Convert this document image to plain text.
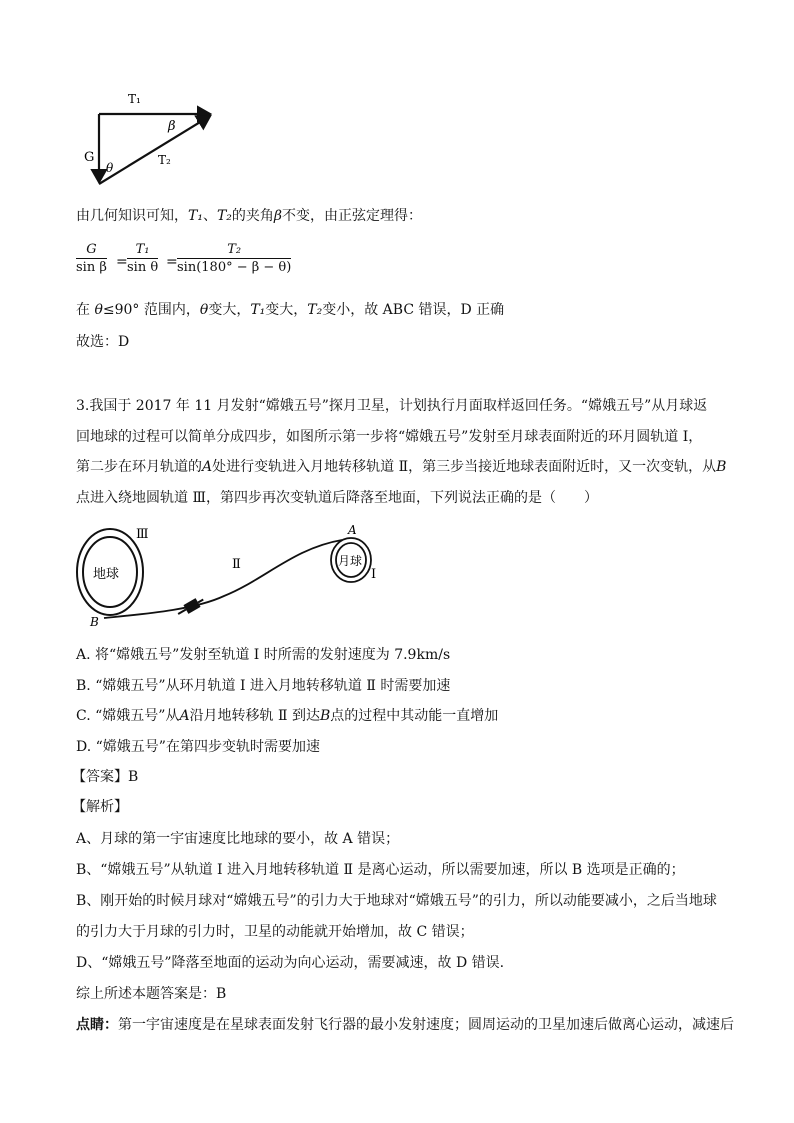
T₁
G	T₂
β
θ
由几何知识可知，T₁、T₂的夹角β不变，由正弦定理得：
$\frac{G}{\text{sin β}} = \frac{\text{T₁}}{\text{sin θ}} = \frac{\text{T₂}}{\sin(180^\circ - \beta - \theta)}$
在 θ≤90° 范围内，θ变大，T₁变大，T₂变小，故 ABC 错误，D 正确
故选：D
3.我国于 2017 年 11 月发射“嫦娥五号”探月卫星，计划执行月面取样返回任务。“嫦娥五号”从月球返
回地球的过程可以简单分成四步，如图所示第一步将“嫦娥五号”发射至月球表面附近的环月圆轨道 Ⅰ，
第二步在环月轨道的A处进行变轨进入月地转移轨道 Ⅱ，第三步当接近地球表面附近时，又一次变轨，从B
点进入绕地圆轨道 Ⅲ，第四步再次变轨道后降落至地面，下列说法正确的是（　　）
地球
Ⅲ
Ⅱ	月球
Ⅰ
A
B
A. 将“嫦娥五号”发射至轨道 Ⅰ 时所需的发射速度为 7.9km/s
B. “嫦娥五号”从环月轨道 Ⅰ 进入月地转移轨道 Ⅱ 时需要加速
C. “嫦娥五号”从A沿月地转移轨 Ⅱ 到达B点的过程中其动能一直增加
D. “嫦娥五号”在第四步变轨时需要加速
【答案】B
【解析】
A、月球的第一宇宙速度比地球的要小，故 A 错误；
B、“嫦娥五号”从轨道 Ⅰ 进入月地转移轨道 Ⅱ 是离心运动，所以需要加速，所以 B 选项是正确的；
B、刚开始的时候月球对“嫦娥五号”的引力大于地球对“嫦娥五号”的引力，所以动能要减小，之后当地球
的引力大于月球的引力时，卫星的动能就开始增加，故 C 错误；
D、“嫦娥五号”降落至地面的运动为向心运动，需要减速，故 D 错误.
综上所述本题答案是：B
点睛：第一宇宙速度是在星球表面发射飞行器的最小发射速度；圆周运动的卫星加速后做离心运动，减速后
